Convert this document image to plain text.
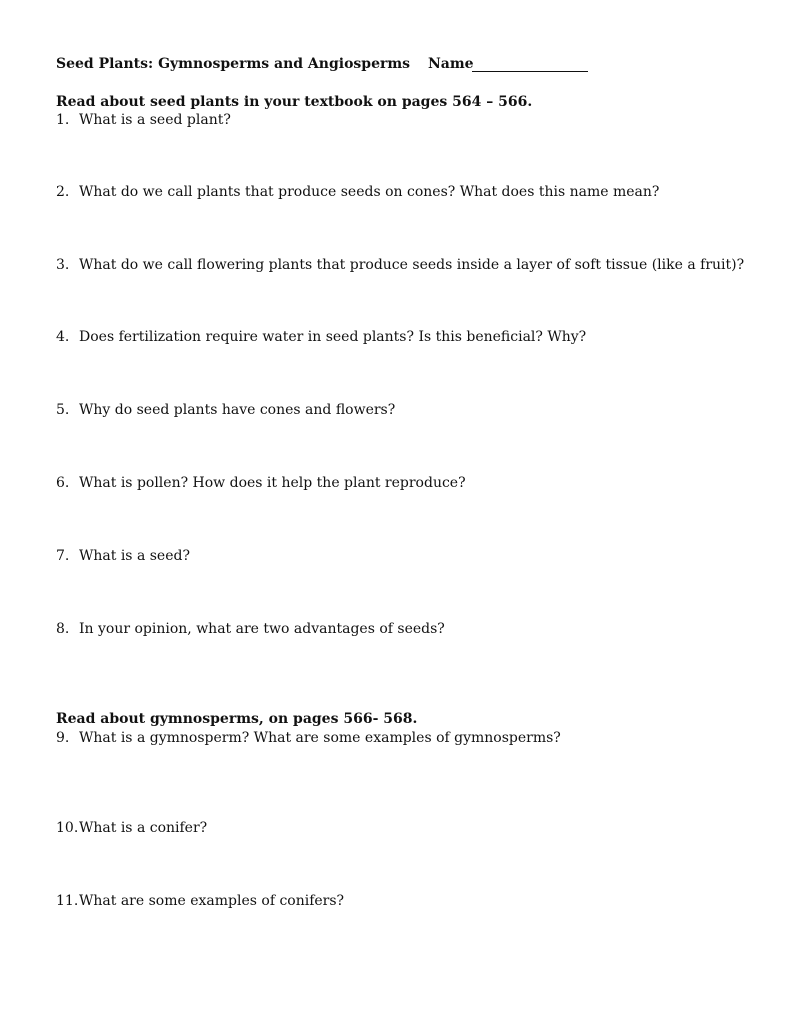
Seed Plants: Gymnosperms and Angiosperms Name
Read about seed plants in your textbook on pages 564 – 566.
1. What is a seed plant?
2. What do we call plants that produce seeds on cones? What does this name mean?
3. What do we call flowering plants that produce seeds inside a layer of soft tissue (like a fruit)?
4. Does fertilization require water in seed plants? Is this beneficial? Why?
5. Why do seed plants have cones and flowers?
6. What is pollen? How does it help the plant reproduce?
7. What is a seed?
8. In your opinion, what are two advantages of seeds?
Read about gymnosperms, on pages 566- 568.
9. What is a gymnosperm? What are some examples of gymnosperms?
10.What is a conifer?
11.What are some examples of conifers?
